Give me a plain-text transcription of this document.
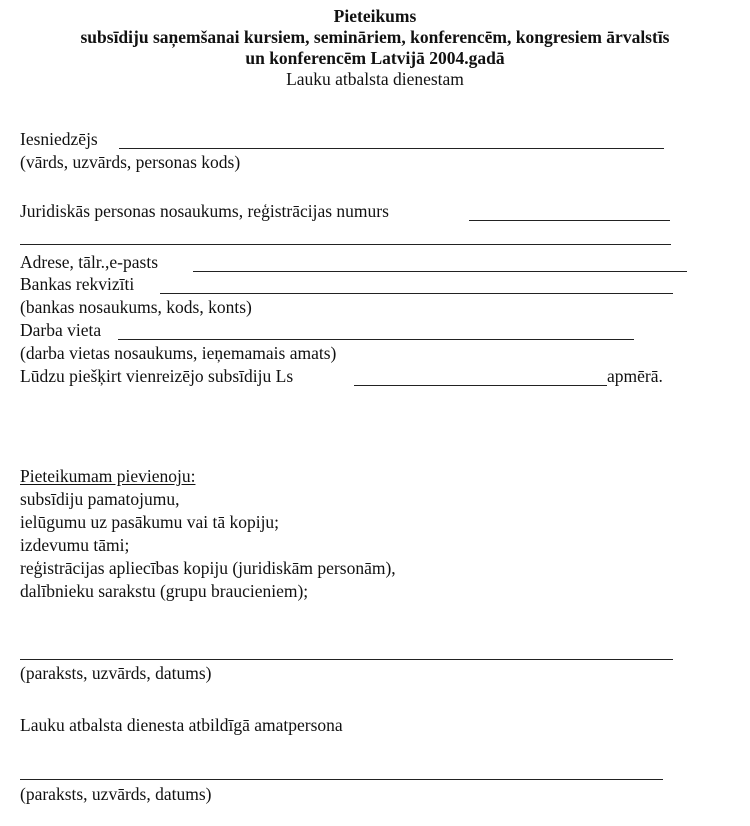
Pieteikums
subsīdiju saņemšanai kursiem, semināriem, konferencēm, kongresiem ārvalstīs
un konferencēm Latvijā 2004.gadā
Lauku atbalsta dienestam
Iesniedzējs
(vārds, uzvārds, personas kods)
Juridiskās personas nosaukums, reģistrācijas numurs
Adrese, tālr.,e-pasts
Bankas rekvizīti
(bankas nosaukums, kods, konts)
Darba vieta
(darba vietas nosaukums, ieņemamais amats)
Lūdzu piešķirt vienreizējo subsīdiju Ls	apmērā.
Pieteikumam pievienoju:
subsīdiju pamatojumu,
ielūgumu uz pasākumu vai tā kopiju;
izdevumu tāmi;
reģistrācijas apliecības kopiju (juridiskām personām),
dalībnieku sarakstu (grupu braucieniem);
(paraksts, uzvārds, datums)
Lauku atbalsta dienesta atbildīgā amatpersona
(paraksts, uzvārds, datums)
